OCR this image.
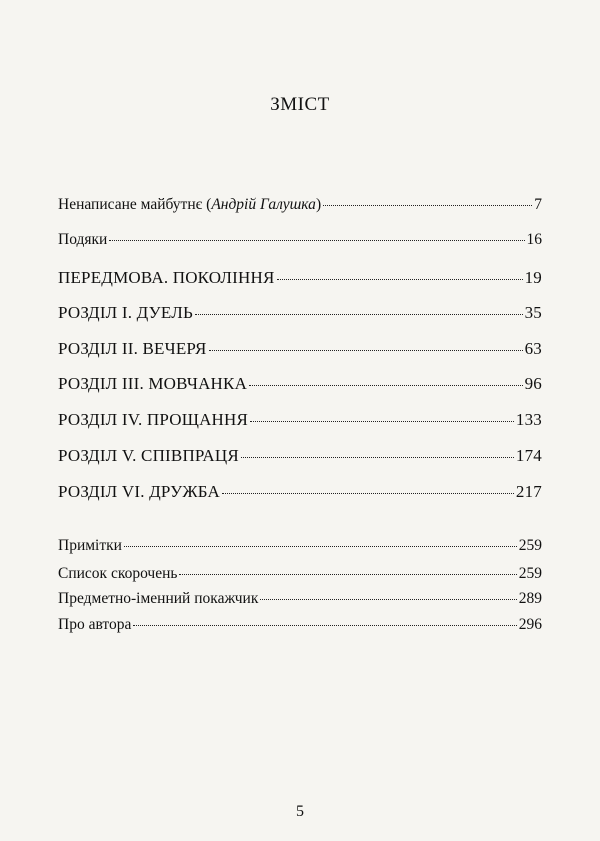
ЗМІСТ
Ненаписане майбутнє (Андрій Галушка)	7
Подяки	16
ПЕРЕДМОВА. ПОКОЛІННЯ	19
РОЗДІЛ І. ДУЕЛЬ	35
РОЗДІЛ ІІ. ВЕЧЕРЯ	63
РОЗДІЛ ІІІ. МОВЧАНКА	96
РОЗДІЛ IV. ПРОЩАННЯ	133
РОЗДІЛ V. СПІВПРАЦЯ	174
РОЗДІЛ VI. ДРУЖБА	217
Примітки	259
Список скорочень	259
Предметно-іменний покажчик	289
Про автора	296
5
